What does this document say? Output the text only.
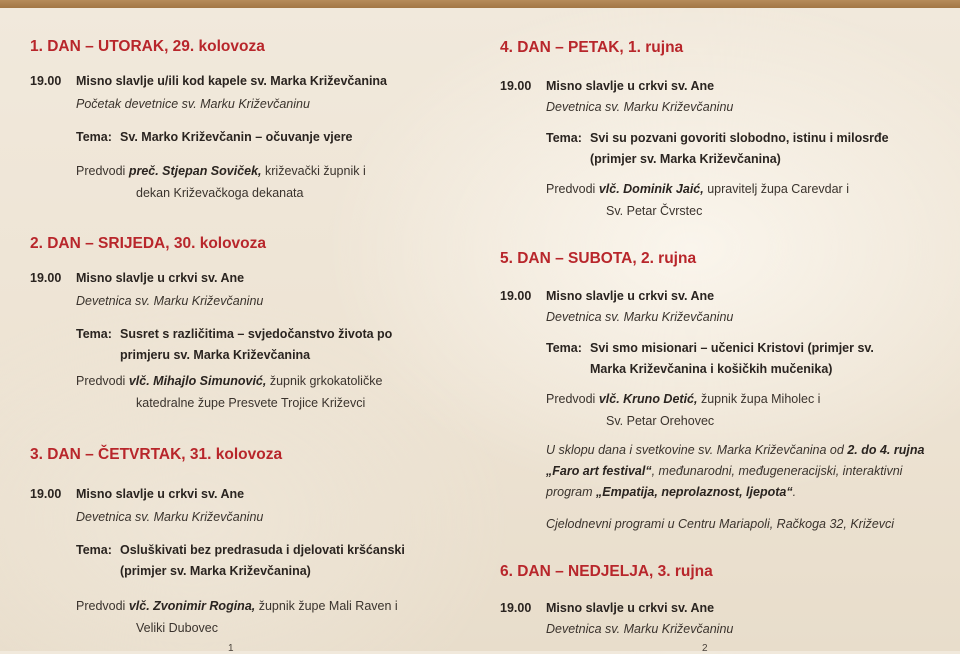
1. DAN – UTORAK, 29. kolovoza
19.00 Misno slavlje u/ili kod kapele sv. Marka Križevčanina
Početak devetnice sv. Marku Križevčaninu
Tema: Sv. Marko Križevčanin – očuvanje vjere
Predvodi preč. Stjepan Soviček, križevački župnik i
dekan Križevačkoga dekanata
2. DAN – SRIJEDA, 30. kolovoza
19.00 Misno slavlje u crkvi sv. Ane
Devetnica sv. Marku Križevčaninu
Tema: Susret s različitima – svjedočanstvo života po
primjeru sv. Marka Križevčanina
Predvodi vlč. Mihajlo Simunović, župnik grkokatoličke
katedralne župe Presvete Trojice Križevci
3. DAN – ČETVRTAK, 31. kolovoza
19.00 Misno slavlje u crkvi sv. Ane
Devetnica sv. Marku Križevčaninu
Tema: Osluškivati bez predrasuda i djelovati kršćanski
(primjer sv. Marka Križevčanina)
Predvodi vlč. Zvonimir Rogina, župnik župe Mali Raven i
Veliki Dubovec
4. DAN – PETAK, 1. rujna
19.00 Misno slavlje u crkvi sv. Ane
Devetnica sv. Marku Križevčaninu
Tema: Svi su pozvani govoriti slobodno, istinu i milosrđe
(primjer sv. Marka Križevčanina)
Predvodi vlč. Dominik Jaić, upravitelj župa Carevdar i
Sv. Petar Čvrstec
5. DAN – SUBOTA, 2. rujna
19.00 Misno slavlje u crkvi sv. Ane
Devetnica sv. Marku Križevčaninu
Tema: Svi smo misionari – učenici Kristovi (primjer sv.
Marka Križevčanina i košičkih mučenika)
Predvodi vlč. Kruno Detić, župnik župa Miholec i
Sv. Petar Orehovec
U sklopu dana i svetkovine sv. Marka Križevčanina od 2. do 4. rujna „Faro art festival“, međunarodni, međugeneracijski, interaktivni program „Empatija, neprolaznost, ljepota“.
Cjelodnevni programi u Centru Mariapoli, Račkoga 32, Križevci
6. DAN – NEDJELJA, 3. rujna
19.00 Misno slavlje u crkvi sv. Ane
Devetnica sv. Marku Križevčaninu
1	2
